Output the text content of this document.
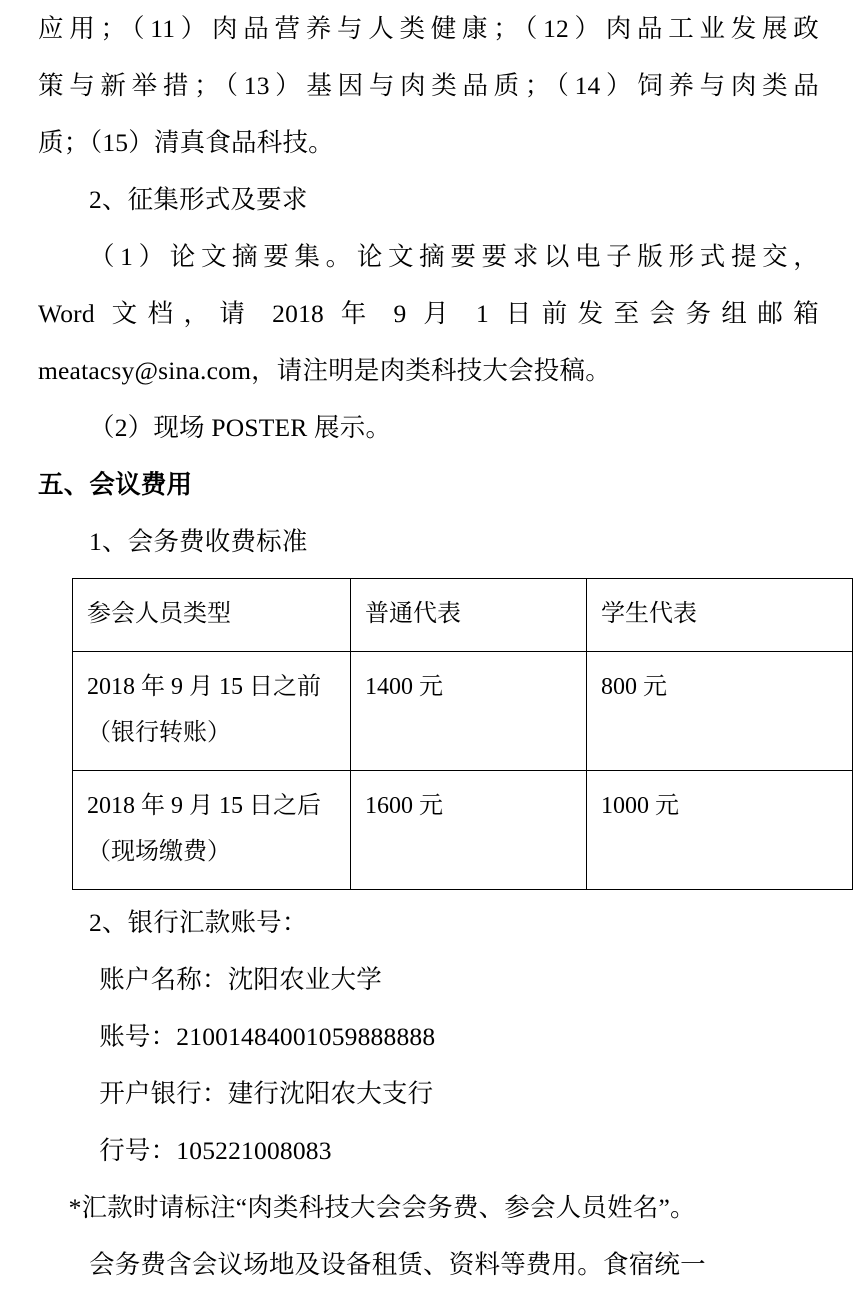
应用；（11）肉品营养与人类健康；（12）肉品工业发展政

策与新举措；（13）基因与肉类品质；（14）饲养与肉类品

质；（15）清真食品科技。

2、征集形式及要求

（1）论文摘要集。论文摘要要求以电子版形式提交，

Word 文档，请 2018 年 9 月 1 日前发至会务组邮箱

meatacsy@sina.com，请注明是肉类科技大会投稿。

（2）现场 POSTER 展示。

五、会议费用

1、会务费收费标准

参会人员类型	普通代表	学生代表

2018 年 9 月 15 日之前
（银行转账）	1400 元	800 元

2018 年 9 月 15 日之后
（现场缴费）	1600 元	1000 元

2、银行汇款账号：

账户名称：沈阳农业大学

账号：21001484001059888888

开户银行：建行沈阳农大支行

行号：105221008083

*汇款时请标注“肉类科技大会会务费、参会人员姓名”。

会务费含会议场地及设备租赁、资料等费用。食宿统一
